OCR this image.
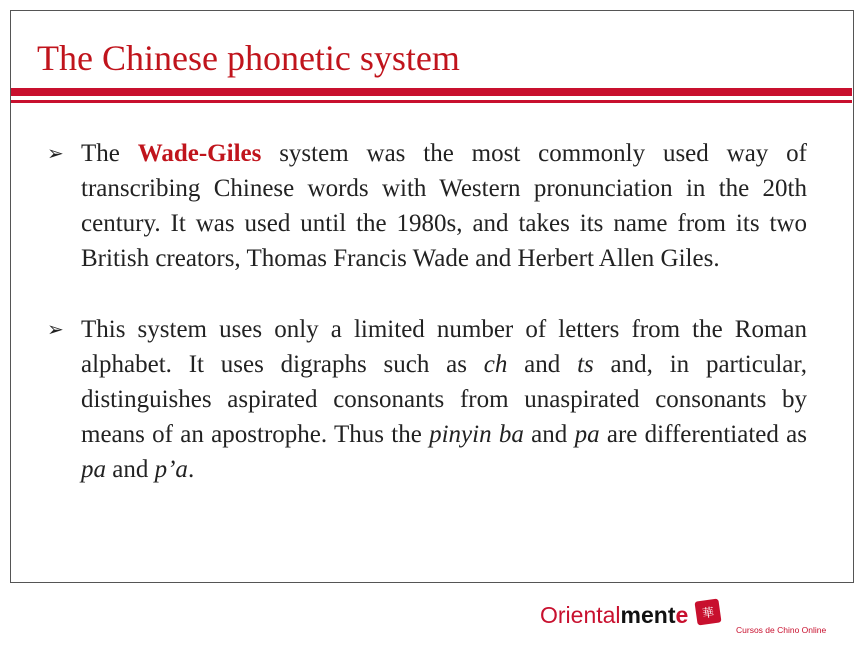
The Chinese phonetic system

➢ The Wade-Giles system was the most commonly used way of transcribing Chinese words with Western pronunciation in the 20th century. It was used until the 1980s, and takes its name from its two British creators, Thomas Francis Wade and Herbert Allen Giles.

➢ This system uses only a limited number of letters from the Roman alphabet. It uses digraphs such as ch and ts and, in particular, distinguishes aspirated consonants from unaspirated consonants by means of an apostrophe. Thus the pinyin ba and pa are differentiated as pa and p’a.

Orientalmente	華
Cursos de Chino Online
